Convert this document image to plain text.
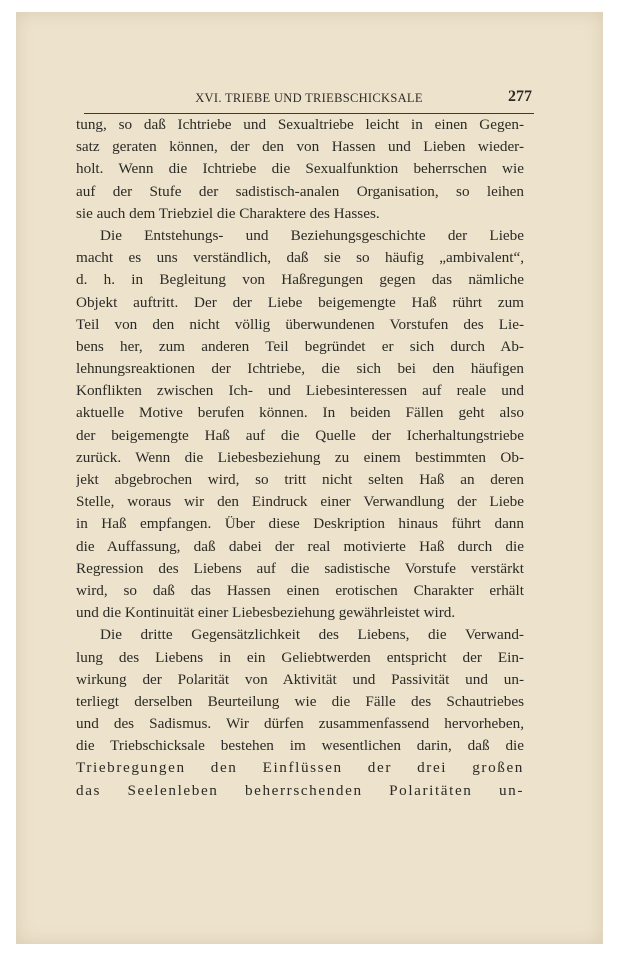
XVI. TRIEBE UND TRIEBSCHICKSALE	277
tung, so daß Ichtriebe und Sexualtriebe leicht in einen Gegen-
satz geraten können, der den von Hassen und Lieben wieder-
holt. Wenn die Ichtriebe die Sexualfunktion beherrschen wie
auf der Stufe der sadistisch-analen Organisation, so leihen
sie auch dem Triebziel die Charaktere des Hasses.
Die Entstehungs- und Beziehungsgeschichte der Liebe
macht es uns verständlich, daß sie so häufig „ambivalent“,
d. h. in Begleitung von Haßregungen gegen das nämliche
Objekt auftritt. Der der Liebe beigemengte Haß rührt zum
Teil von den nicht völlig überwundenen Vorstufen des Lie-
bens her, zum anderen Teil begründet er sich durch Ab-
lehnungsreaktionen der Ichtriebe, die sich bei den häufigen
Konflikten zwischen Ich- und Liebesinteressen auf reale und
aktuelle Motive berufen können. In beiden Fällen geht also
der beigemengte Haß auf die Quelle der Icherhaltungstriebe
zurück. Wenn die Liebesbeziehung zu einem bestimmten Ob-
jekt abgebrochen wird, so tritt nicht selten Haß an deren
Stelle, woraus wir den Eindruck einer Verwandlung der Liebe
in Haß empfangen. Über diese Deskription hinaus führt dann
die Auffassung, daß dabei der real motivierte Haß durch die
Regression des Liebens auf die sadistische Vorstufe verstärkt
wird, so daß das Hassen einen erotischen Charakter erhält
und die Kontinuität einer Liebesbeziehung gewährleistet wird.
Die dritte Gegensätzlichkeit des Liebens, die Verwand-
lung des Liebens in ein Geliebtwerden entspricht der Ein-
wirkung der Polarität von Aktivität und Passivität und un-
terliegt derselben Beurteilung wie die Fälle des Schautriebes
und des Sadismus. Wir dürfen zusammenfassend hervorheben,
die Triebschicksale bestehen im wesentlichen darin, daß die
Triebregungen den Einflüssen der drei großen
das Seelenleben beherrschenden Polaritäten un-
